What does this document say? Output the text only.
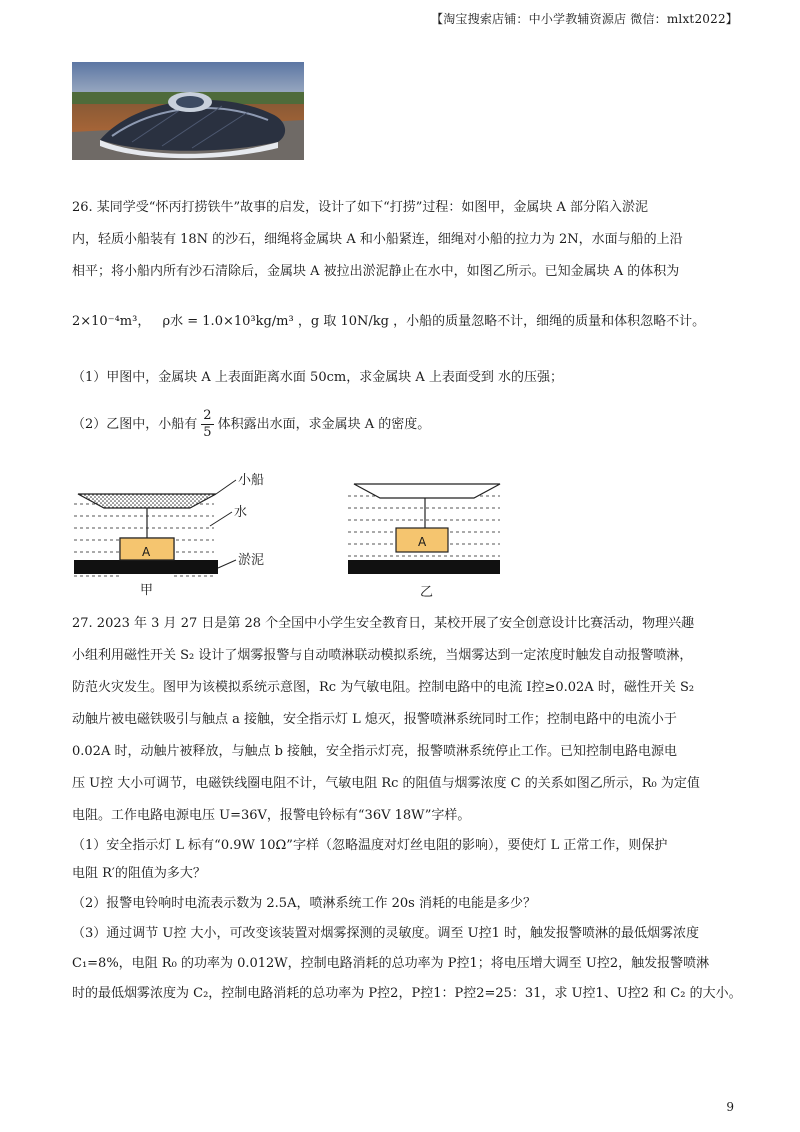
【淘宝搜索店铺：中小学教辅资源店 微信：mlxt2022】
26. 某同学受“怀丙打捞铁牛”故事的启发，设计了如下“打捞”过程：如图甲，金属块 A 部分陷入淤泥
内，轻质小船装有 18N 的沙石，细绳将金属块 A 和小船紧连，细绳对小船的拉力为 2N，水面与船的上沿
相平；将小船内所有沙石清除后，金属块 A 被拉出淤泥静止在水中，如图乙所示。已知金属块 A 的体积为
2×10⁻⁴m³， ρ水 = 1.0×10³kg/m³ ，g 取 10N/kg ，小船的质量忽略不计，细绳的质量和体积忽略不计。
（1）甲图中，金属块 A 上表面距离水面 50cm，求金属块 A 上表面受到 水的压强；
（2）乙图中，小船有 $\frac{2}{5}$ 体积露出水面，求金属块 A 的密度。
小船
水
淤泥
A
A
甲	乙
27. 2023 年 3 月 27 日是第 28 个全国中小学生安全教育日，某校开展了安全创意设计比赛活动，物理兴趣
小组利用磁性开关 S₂ 设计了烟雾报警与自动喷淋联动模拟系统，当烟雾达到一定浓度时触发自动报警喷淋，
防范火灾发生。图甲为该模拟系统示意图，Rc 为气敏电阻。控制电路中的电流 I控≥0.02A 时，磁性开关 S₂
动触片被电磁铁吸引与触点 a 接触，安全指示灯 L 熄灭，报警喷淋系统同时工作；控制电路中的电流小于
0.02A 时，动触片被释放，与触点 b 接触，安全指示灯亮，报警喷淋系统停止工作。已知控制电路电源电
压 U控 大小可调节，电磁铁线圈电阻不计，气敏电阻 Rc 的阻值与烟雾浓度 C 的关系如图乙所示，R₀ 为定值
电阻。工作电路电源电压 U=36V，报警电铃标有“36V 18W”字样。
（1）安全指示灯 L 标有“0.9W 10Ω”字样（忽略温度对灯丝电阻的影响），要使灯 L 正常工作，则保护
电阻 R′的阻值为多大？
（2）报警电铃响时电流表示数为 2.5A，喷淋系统工作 20s 消耗的电能是多少？
（3）通过调节 U控 大小，可改变该装置对烟雾探测的灵敏度。调至 U控1 时，触发报警喷淋的最低烟雾浓度
C₁=8%，电阻 R₀ 的功率为 0.012W，控制电路消耗的总功率为 P控1；将电压增大调至 U控2，触发报警喷淋
时的最低烟雾浓度为 C₂，控制电路消耗的总功率为 P控2，P控1：P控2=25：31，求 U控1、U控2 和 C₂ 的大小。
9
